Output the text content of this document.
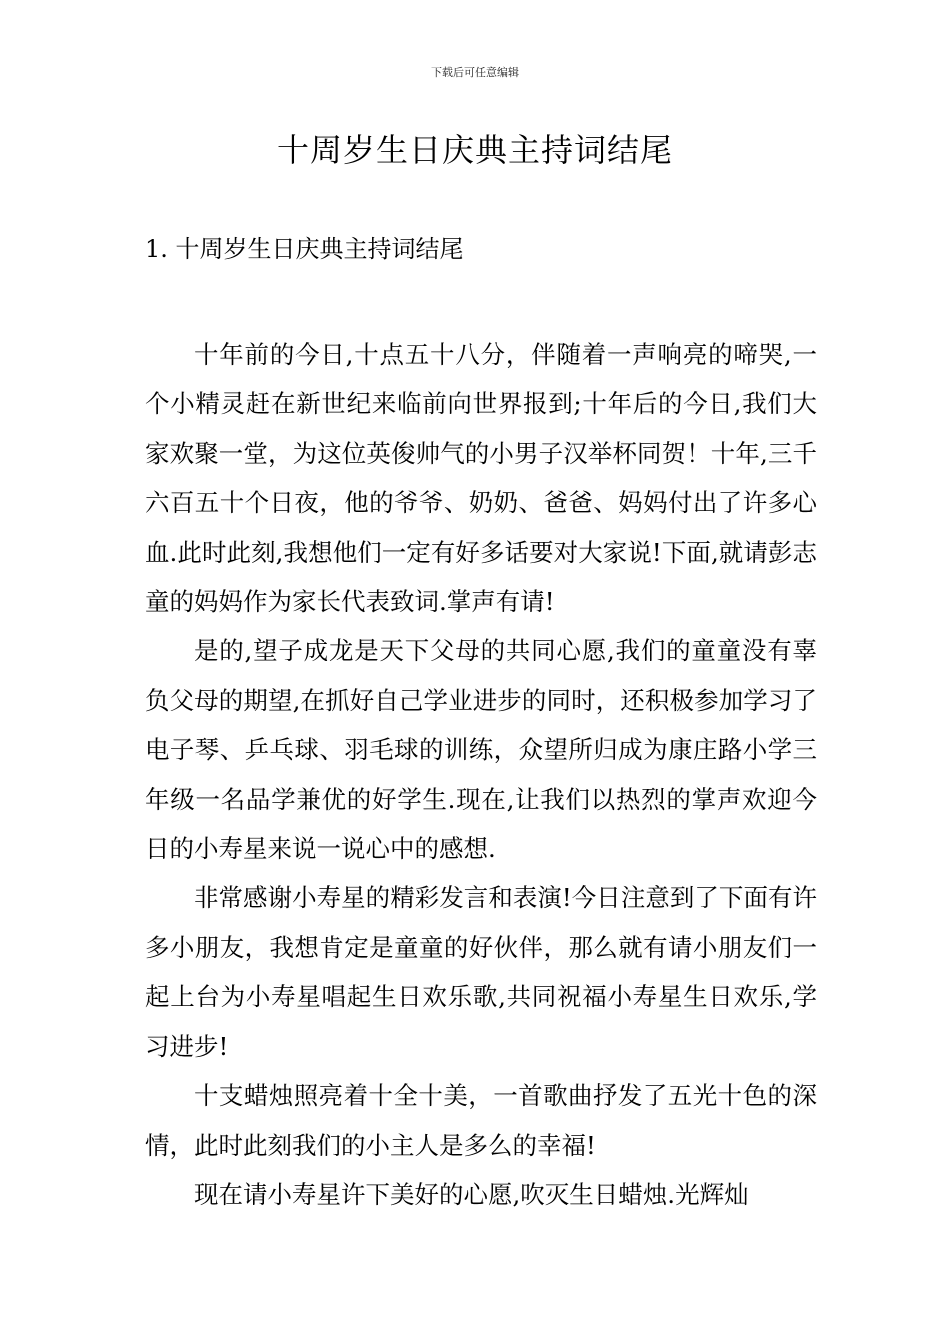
下载后可任意编辑
十周岁生日庆典主持词结尾
1. 十周岁生日庆典主持词结尾

十年前的今日,十点五十八分，伴随着一声响亮的啼哭,一个小精灵赶在新世纪来临前向世界报到;十年后的今日,我们大家欢聚一堂，为这位英俊帅气的小男子汉举杯同贺！十年,三千六百五十个日夜，他的爷爷、奶奶、爸爸、妈妈付出了许多心血.此时此刻,我想他们一定有好多话要对大家说!下面,就请彭志童的妈妈作为家长代表致词.掌声有请!

是的,望子成龙是天下父母的共同心愿,我们的童童没有辜负父母的期望,在抓好自己学业进步的同时，还积极参加学习了电子琴、乒乓球、羽毛球的训练，众望所归成为康庄路小学三年级一名品学兼优的好学生.现在,让我们以热烈的掌声欢迎今日的小寿星来说一说心中的感想.

非常感谢小寿星的精彩发言和表演!今日注意到了下面有许多小朋友，我想肯定是童童的好伙伴，那么就有请小朋友们一起上台为小寿星唱起生日欢乐歌,共同祝福小寿星生日欢乐,学习进步!

十支蜡烛照亮着十全十美，一首歌曲抒发了五光十色的深情，此时此刻我们的小主人是多么的幸福!

现在请小寿星许下美好的心愿,吹灭生日蜡烛.光辉灿
